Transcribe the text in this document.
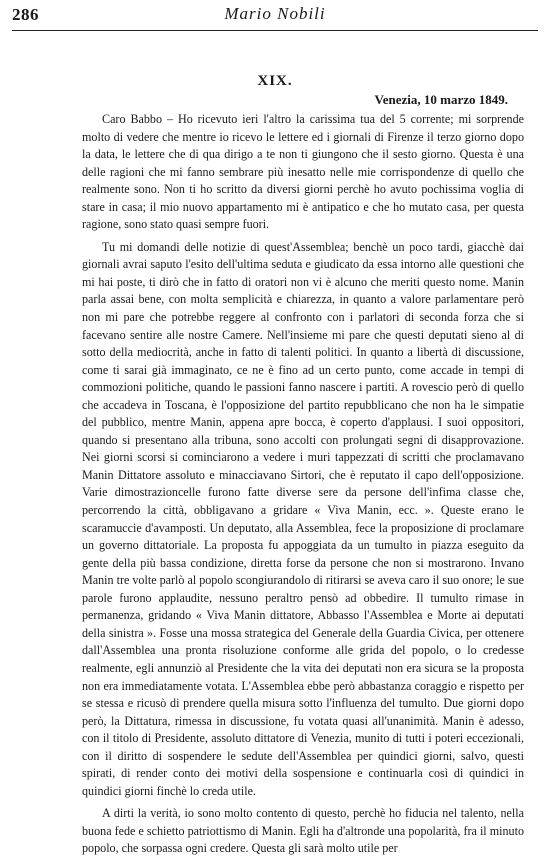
286	Mario Nobili
XIX.
Venezia, 10 marzo 1849.

Caro Babbo – Ho ricevuto ieri l'altro la carissima tua del 5 corrente; mi sorprende molto di vedere che mentre io ricevo le lettere ed i giornali di Firenze il terzo giorno dopo la data, le lettere che di qua dirigo a te non ti giungono che il sesto giorno. Questa è una delle ragioni che mi fanno sembrare più inesatto nelle mie corrispondenze di quello che realmente sono. Non ti ho scritto da diversi giorni perchè ho avuto pochissima voglia di stare in casa; il mio nuovo appartamento mi è antipatico e che ho mutato casa, per questa ragione, sono stato quasi sempre fuori.

Tu mi domandi delle notizie di quest'Assemblea; benchè un poco tardi, giacchè dai giornali avrai saputo l'esito dell'ultima seduta e giudicato da essa intorno alle questioni che mi hai poste, ti dirò che in fatto di oratori non vi è alcuno che meriti questo nome. Manin parla assai bene, con molta semplicità e chiarezza, in quanto a valore parlamentare però non mi pare che potrebbe reggere al confronto con i parlatori di seconda forza che si facevano sentire alle nostre Camere. Nell'insieme mi pare che questi deputati sieno al di sotto della mediocrità, anche in fatto di talenti politici. In quanto a libertà di discussione, come ti sarai già immaginato, ce ne è fino ad un certo punto, come accade in tempi di commozioni politiche, quando le passioni fanno nascere i partiti. A rovescio però di quello che accadeva in Toscana, è l'opposizione del partito repubblicano che non ha le simpatie del pubblico, mentre Manin, appena apre bocca, è coperto d'applausi. I suoi oppositori, quando si presentano alla tribuna, sono accolti con prolungati segni di disapprovazione. Nei giorni scorsi si cominciarono a vedere i muri tappezzati di scritti che proclamavano Manin Dittatore assoluto e minacciavano Sirtori, che è reputato il capo dell'opposizione. Varie dimostrazioncelle furono fatte diverse sere da persone dell'infima classe che, percorrendo la città, obbligavano a gridare « Viva Manin, ecc. ». Queste erano le scaramuccie d'avamposti. Un deputato, alla Assemblea, fece la proposizione di proclamare un governo dittatoriale. La proposta fu appoggiata da un tumulto in piazza eseguito da gente della più bassa condizione, diretta forse da persone che non si mostrarono. Invano Manin tre volte parlò al popolo scongiurandolo di ritirarsi se aveva caro il suo onore; le sue parole furono applaudite, nessuno peraltro pensò ad obbedire. Il tumulto rimase in permanenza, gridando « Viva Manin dittatore, Abbasso l'Assemblea e Morte ai deputati della sinistra ». Fosse una mossa strategica del Generale della Guardia Civica, per ottenere dall'Assemblea una pronta risoluzione conforme alle grida del popolo, o lo credesse realmente, egli annunziò al Presidente che la vita dei deputati non era sicura se la proposta non era immediatamente votata. L'Assemblea ebbe però abbastanza coraggio e rispetto per se stessa e ricusò di prendere quella misura sotto l'influenza del tumulto. Due giorni dopo però, la Dittatura, rimessa in discussione, fu votata quasi all'unanimità. Manin è adesso, con il titolo di Presidente, assoluto dittatore di Venezia, munito di tutti i poteri eccezionali, con il diritto di sospendere le sedute dell'Assemblea per quindici giorni, salvo, questi spirati, di render conto dei motivi della sospensione e continuarla così di quindici in quindici giorni finchè lo creda utile.

A dirti la verità, io sono molto contento di questo, perchè ho fiducia nel talento, nella buona fede e schietto patriottismo di Manin. Egli ha d'altronde una popolarità, fra il minuto popolo, che sorpassa ogni credere. Questa gli sarà molto utile per
